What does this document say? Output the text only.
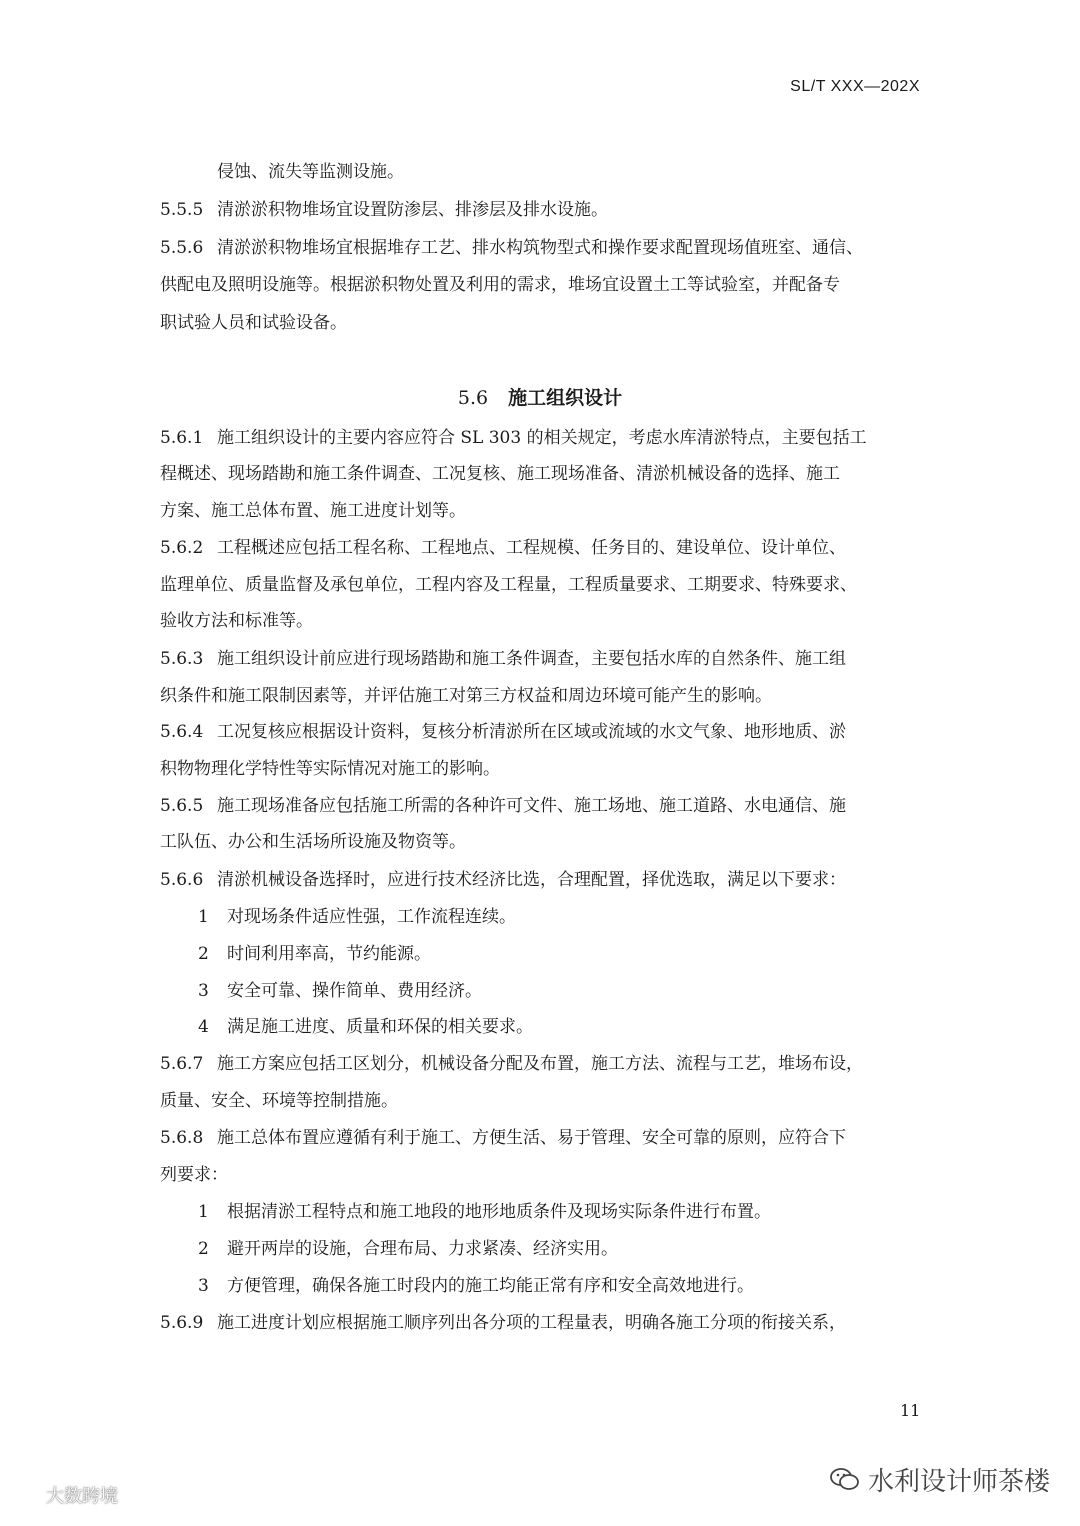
SL/T XXX—202X
侵蚀、流失等监测设施。
5.5.5 清淤淤积物堆场宜设置防渗层、排渗层及排水设施。
5.5.6 清淤淤积物堆场宜根据堆存工艺、排水构筑物型式和操作要求配置现场值班室、通信、
供配电及照明设施等。根据淤积物处置及利用的需求，堆场宜设置土工等试验室，并配备专
职试验人员和试验设备。
5.6 施工组织设计
5.6.1 施工组织设计的主要内容应符合 SL 303 的相关规定，考虑水库清淤特点，主要包括工
程概述、现场踏勘和施工条件调查、工况复核、施工现场准备、清淤机械设备的选择、施工
方案、施工总体布置、施工进度计划等。
5.6.2 工程概述应包括工程名称、工程地点、工程规模、任务目的、建设单位、设计单位、
监理单位、质量监督及承包单位，工程内容及工程量，工程质量要求、工期要求、特殊要求、
验收方法和标准等。
5.6.3 施工组织设计前应进行现场踏勘和施工条件调查，主要包括水库的自然条件、施工组
织条件和施工限制因素等，并评估施工对第三方权益和周边环境可能产生的影响。
5.6.4 工况复核应根据设计资料，复核分析清淤所在区域或流域的水文气象、地形地质、淤
积物物理化学特性等实际情况对施工的影响。
5.6.5 施工现场准备应包括施工所需的各种许可文件、施工场地、施工道路、水电通信、施
工队伍、办公和生活场所设施及物资等。
5.6.6 清淤机械设备选择时，应进行技术经济比选，合理配置，择优选取，满足以下要求：
1 对现场条件适应性强，工作流程连续。
2 时间利用率高，节约能源。
3 安全可靠、操作简单、费用经济。
4 满足施工进度、质量和环保的相关要求。
5.6.7 施工方案应包括工区划分，机械设备分配及布置，施工方法、流程与工艺，堆场布设，
质量、安全、环境等控制措施。
5.6.8 施工总体布置应遵循有利于施工、方便生活、易于管理、安全可靠的原则，应符合下
列要求：
1 根据清淤工程特点和施工地段的地形地质条件及现场实际条件进行布置。
2 避开两岸的设施，合理布局、力求紧凑、经济实用。
3 方便管理，确保各施工时段内的施工均能正常有序和安全高效地进行。
5.6.9 施工进度计划应根据施工顺序列出各分项的工程量表，明确各施工分项的衔接关系，
11
大数跨境	水利设计师茶楼
